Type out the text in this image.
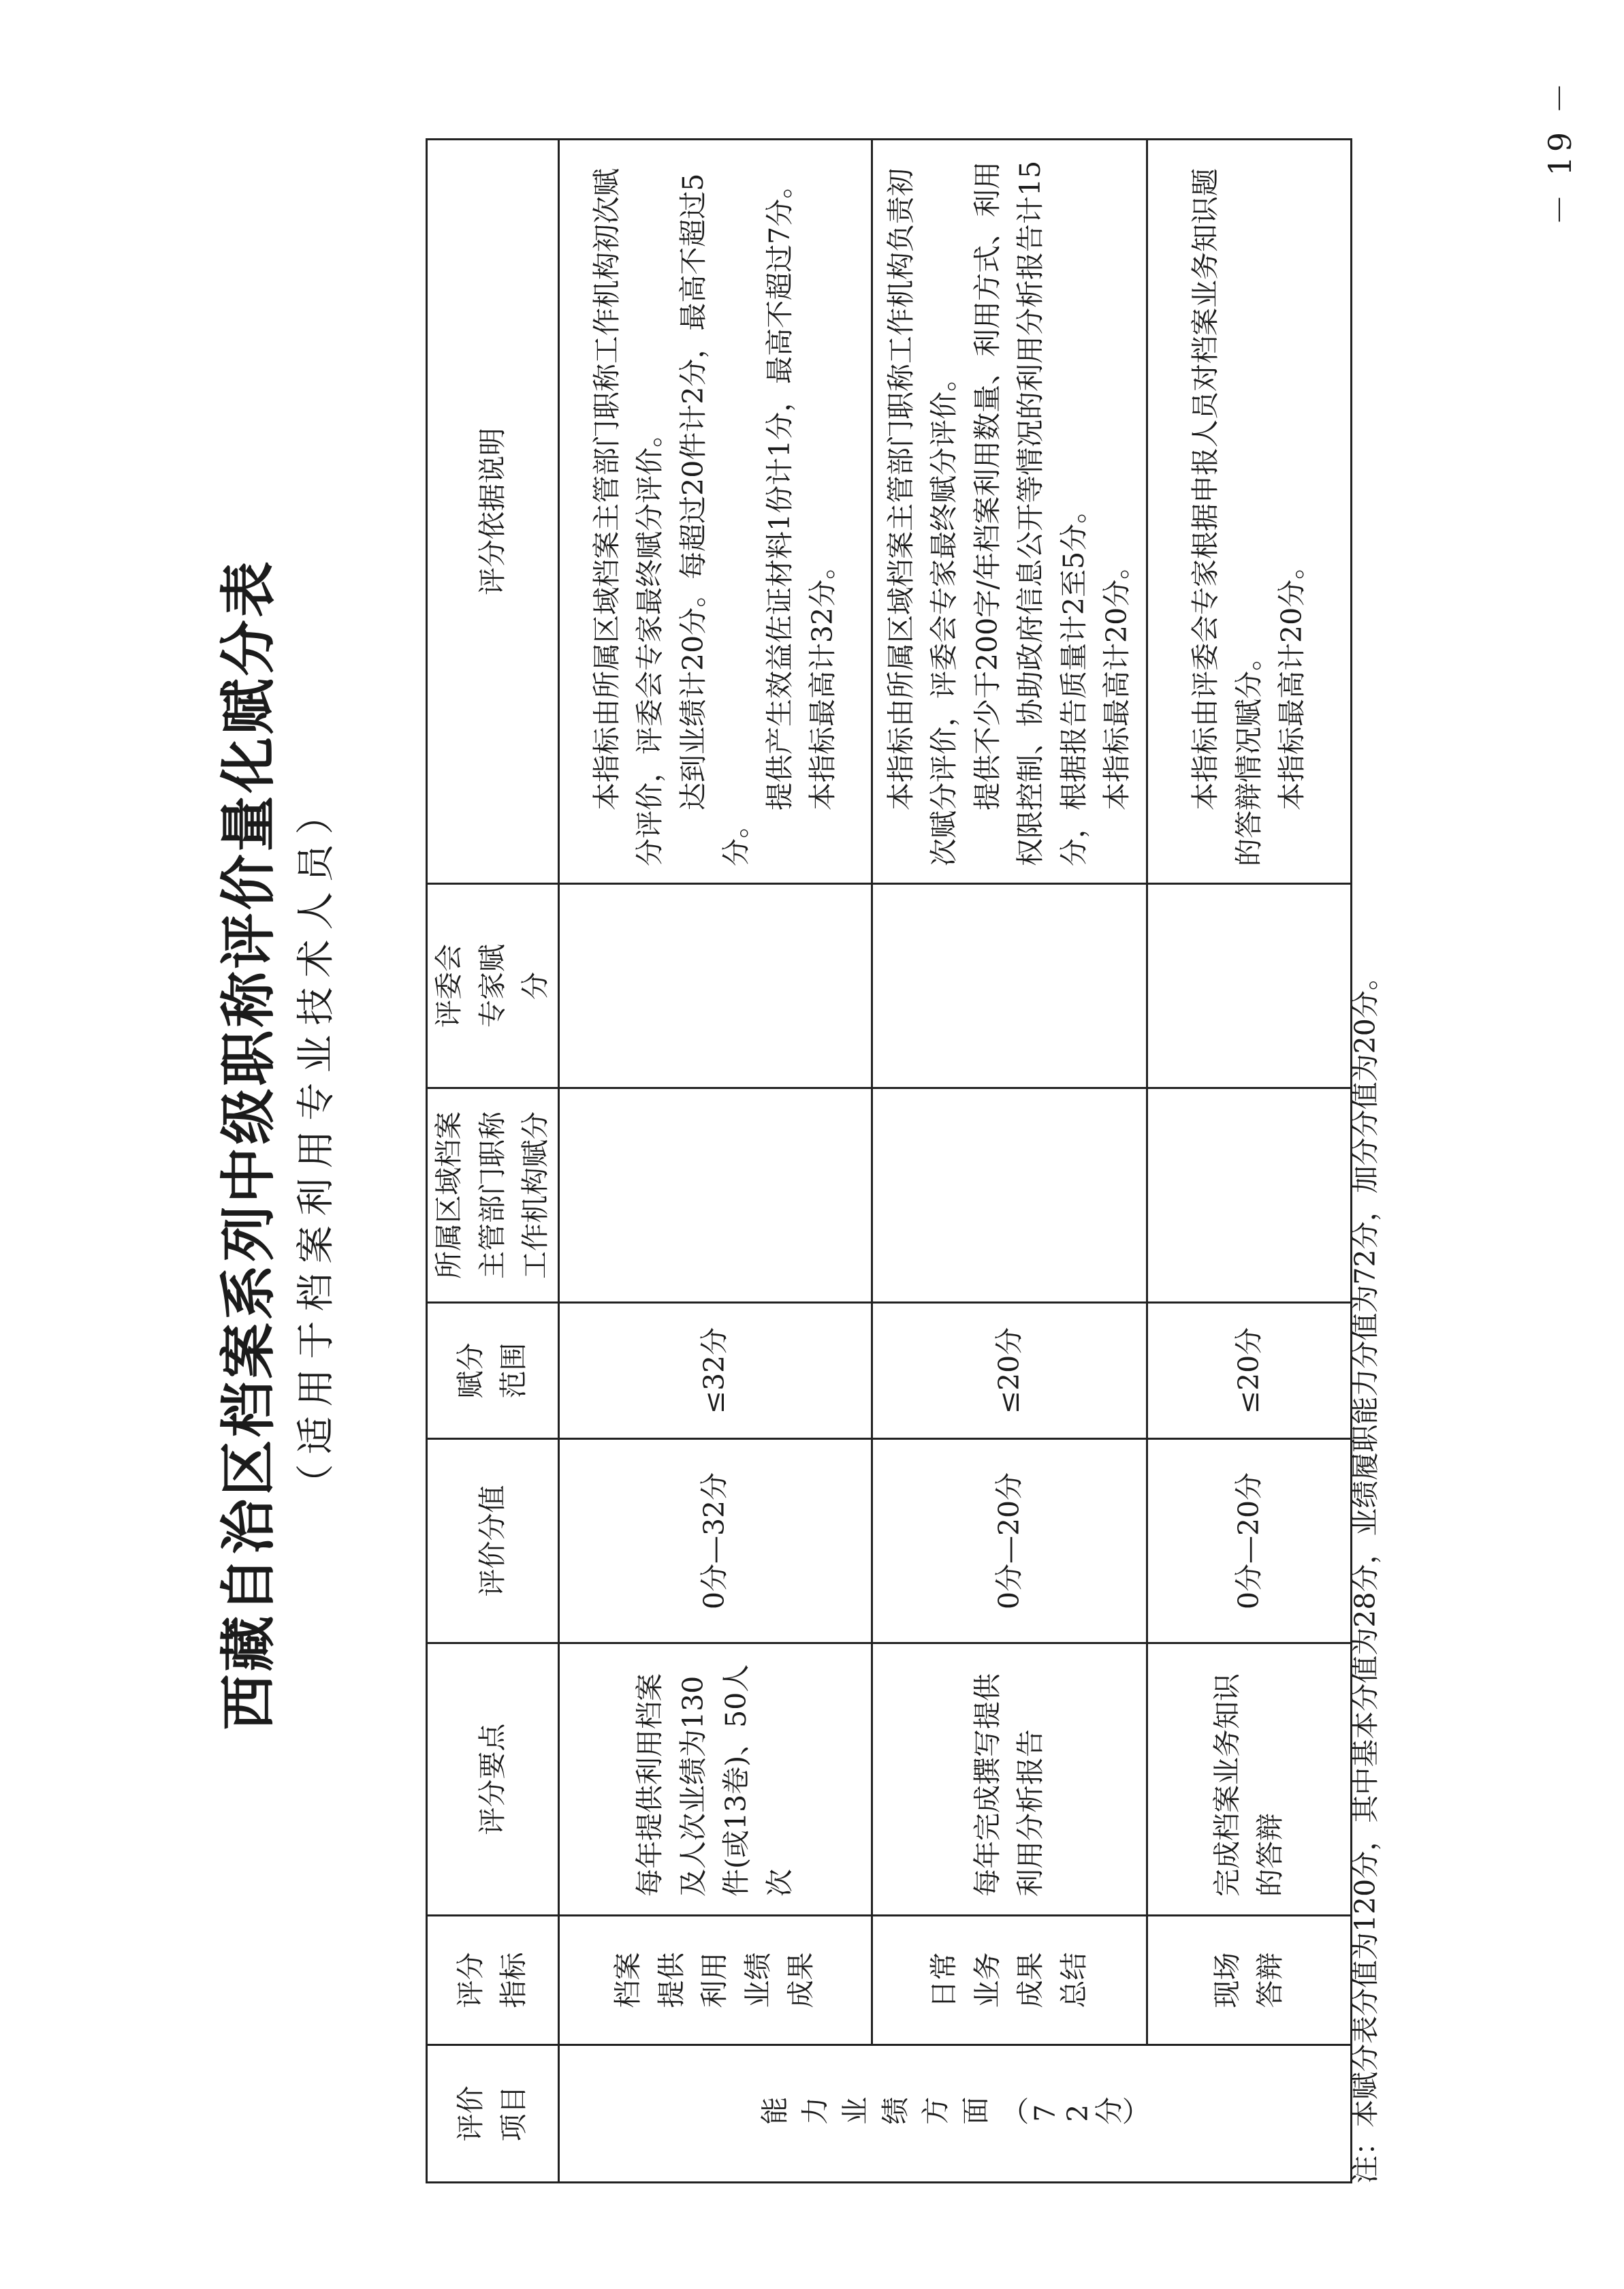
西藏自治区档案系列中级职称评价量化赋分表 （适用于档案利用专业技术人员）
评价项目	评分指标	评分要点	评价分值	赋分范围	所属区域档案主管部门职称工作机构赋分	评委会专家赋分	评分依据说明

能力业绩方面（72分）	档案提供利用业绩成果	每年提供利用档案及人次业绩为130件(或13卷)、50人次	0分—32分	≤32分			本指标由所属区域档案主管部门职称工作机构初次赋分评价，评委会专家最终赋分评价。 达到业绩计20分。每超过20件计2分，最高不超过5分。

提供产生效益佐证材料1份计1分，最高不超过7分。 本指标最高计32分。

	日常业务成果总结	每年完成撰写提供利用分析报告	0分—20分	≤20分			本指标由所属区域档案主管部门职称工作机构负责初次赋分评价，评委会专家最终赋分评价。 提供不少于200字/年档案利用数量、利用方式、利用权限控制、协助政府信息公开等情况的利用分析报告计15分，根据报告质量计2至5分。 本指标最高计20分。

	现场答辩	完成档案业务知识的答辩	0分—20分	≤20分			本指标由评委会专家根据申报人员对档案业务知识题的答辩情况赋分。 本指标最高计20分。

注：本赋分表分值为120分，其中基本分值为28分，业绩履职能力分值为72分，加分分值为20分。
－ 19 －
